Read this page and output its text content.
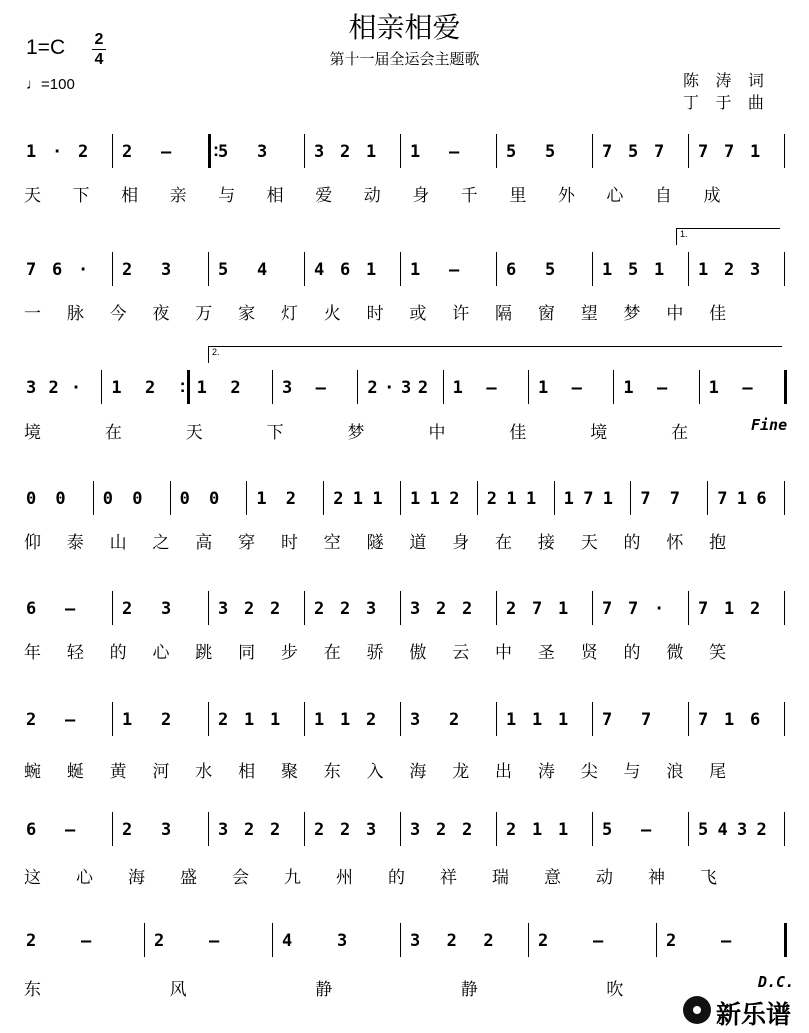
相亲相爱
第十一届全运会主题歌
1=C 2
4
♩=100	陈 涛 词
丁 于 曲
1 · 2 2 – : 5 3	3 2 1 1 –	5 5	7 5 7 7 7 1
天 下 相 亲 与 相 爱 动 身 千 里 外 心 自 成
7 6 · 2 3	5 4	4 6 1 1 –	6 5	1 5 1 1 2 3
1.
一 脉 今 夜 万 家 灯 火 时 或 许 隔 窗 望 梦 中 佳
3 2 · 1 2 : 1 2 3 – 2 · 3 2 1 – 1 – 1 – 1 –
2.
境	在	天	下	梦	中	佳	境	在	Fine
0 0 0 0 0 0 1 2 2 1 1 1 1 2 2 1 1 1 7 1 7 7 7 1 6
仰 泰 山 之 高 穿 时 空 隧 道 身 在 接 天 的 怀 抱
6 –	2 3	3 2 2 2 2 3 3 2 2 2 7 1 7 7 · 7 1 2
年 轻 的 心 跳 同 步 在 骄 傲 云 中 圣 贤 的 微 笑
2 –	1 2	2 1 1 1 1 2 3 2	1 1 1 7 7	7 1 6
蜿 蜒 黄 河 水 相 聚 东 入 海 龙 出 涛 尖 与 浪 尾
6 –	2 3	3 2 2 2 2 3 3 2 2 2 1 1 5 –	5 4 3 2
这 心 海 盛 会 九 州 的 祥 瑞 意 动 神 飞
2	–	2	–	4	3	3 2 2	2	–	2	–
东	风	静	静	吹	D.C.
新乐谱
